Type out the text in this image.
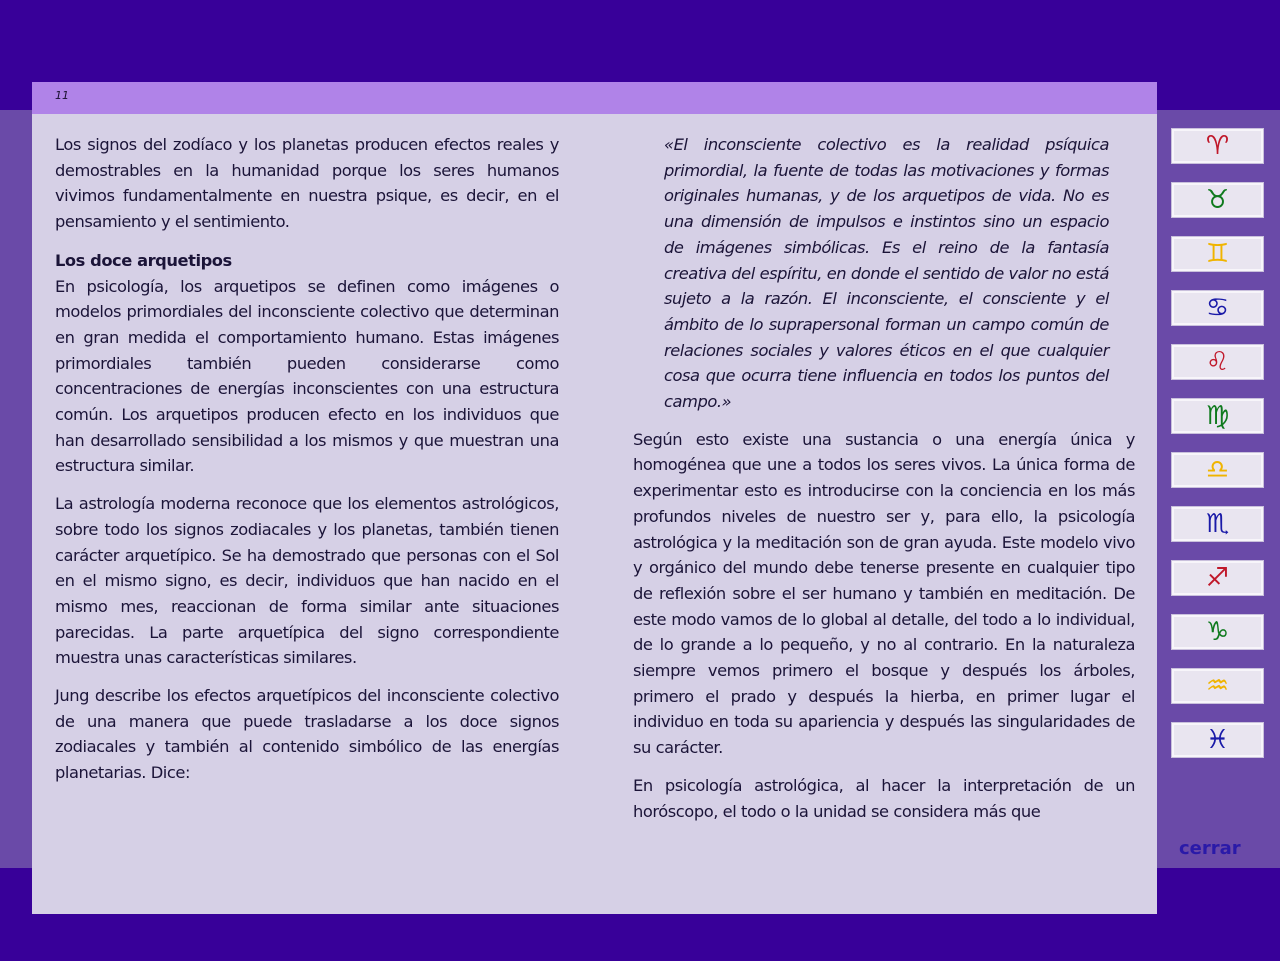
11

Los signos del zodíaco y los planetas producen efectos reales y demostrables en la humanidad porque los seres humanos vivimos fundamentalmente en nuestra psique, es decir, en el pensamiento y el sentimiento.

Los doce arquetipos

En psicología, los arquetipos se definen como imágenes o modelos primordiales del inconsciente colectivo que determinan en gran medida el comportamiento humano. Estas imágenes primordiales también pueden considerarse como concentraciones de energías inconscientes con una estructura común. Los arquetipos producen efecto en los individuos que han desarrollado sensibilidad a los mismos y que muestran una estructura similar.

La astrología moderna reconoce que los elementos astrológicos, sobre todo los signos zodiacales y los planetas, también tienen carácter arquetípico. Se ha demostrado que personas con el Sol en el mismo signo, es decir, individuos que han nacido en el mismo mes, reaccionan de forma similar ante situaciones parecidas. La parte arquetípica del signo correspondiente muestra unas características similares.

Jung describe los efectos arquetípicos del inconsciente colectivo de una manera que puede trasladarse a los doce signos zodiacales y también al contenido simbólico de las energías planetarias. Dice:

«El inconsciente colectivo es la realidad psíquica primordial, la fuente de todas las motivaciones y formas originales humanas, y de los arquetipos de vida. No es una dimensión de impulsos e instintos sino un espacio de imágenes simbólicas. Es el reino de la fantasía creativa del espíritu, en donde el sentido de valor no está sujeto a la razón. El inconsciente, el consciente y el ámbito de lo suprapersonal forman un campo común de relaciones sociales y valores éticos en el que cualquier cosa que ocurra tiene influencia en todos los puntos del campo.»

Según esto existe una sustancia o una energía única y homogénea que une a todos los seres vivos. La única forma de experimentar esto es introducirse con la conciencia en los más profundos niveles de nuestro ser y, para ello, la psicología astrológica y la meditación son de gran ayuda. Este modelo vivo y orgánico del mundo debe tenerse presente en cualquier tipo de reflexión sobre el ser humano y también en meditación. De este modo vamos de lo global al detalle, del todo a lo individual, de lo grande a lo pequeño, y no al contrario. En la naturaleza siempre vemos primero el bosque y después los árboles, primero el prado y después la hierba, en primer lugar el individuo en toda su apariencia y después las singularidades de su carácter.

En psicología astrológica, al hacer la interpretación de un horóscopo, el todo o la unidad se considera más que

♈
♉
♊
♋
♌
♍
♎
♏
♐
♑
♒
♓
cerrar
